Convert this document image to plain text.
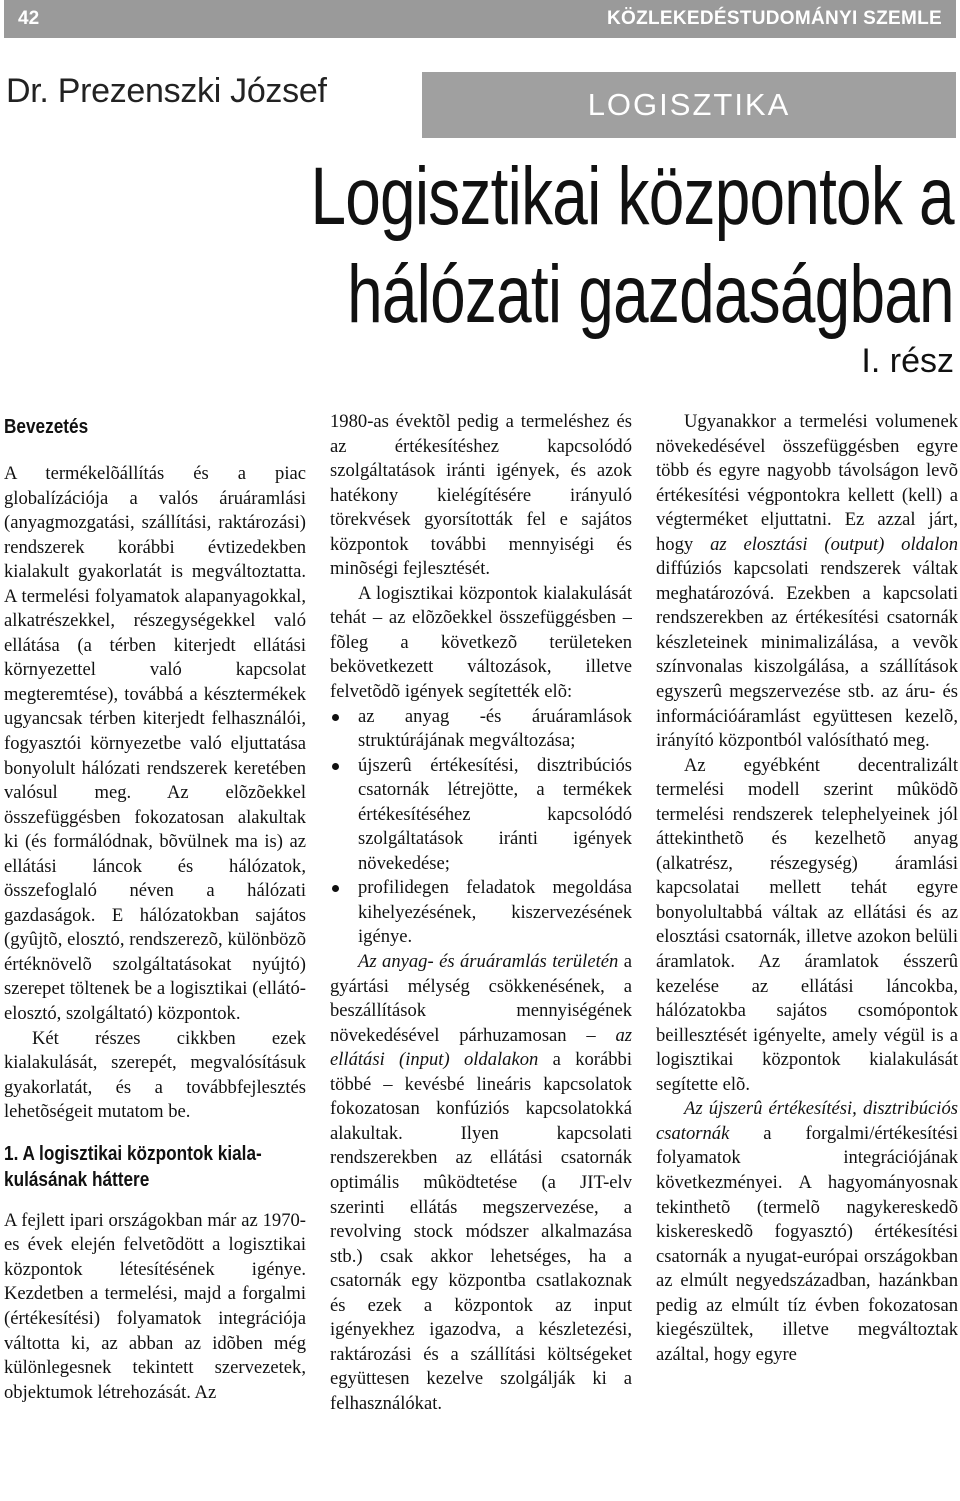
42	KÖZLEKEDÉSTUDOMÁNYI SZEMLE
Dr. Prezenszki József	LOGISZTIKA
Logisztikai központok a
hálózati gazdaságban
I. rész
Bevezetés

A termékelõállítás és a piac globalízációja a valós áruáramlási (anyagmozgatási, szállítási, raktározási) rendszerek korábbi évtizedekben kialakult gyakorlatát is megváltoztatta. A termelési folyamatok alapanyagokkal, alkatrészekkel, részegységekkel való ellátása (a térben kiterjedt ellátási környezettel való kapcsolat megteremtése), továbbá a késztermékek ugyancsak térben kiterjedt felhasználói, fogyasztói környezetbe való eljuttatása bonyolult hálózati rendszerek keretében valósul meg. Az elõzõekkel összefüggésben fokozatosan alakultak ki (és formálódnak, bõvülnek ma is) az ellátási láncok és hálózatok, összefoglaló néven a hálózati gazdaságok. E hálózatokban sajátos (gyûjtõ, elosztó, rendszerezõ, különbözõ értéknövelõ szolgáltatásokat nyújtó) szerepet töltenek be a logisztikai (ellátó-elosztó, szolgáltató) központok.

Két részes cikkben ezek kialakulását, szerepét, megvalósításuk gyakorlatát, és a továbbfejlesztés lehetõségeit mutatom be.

1. A logisztikai központok kiala-
kulásának háttere

A fejlett ipari országokban már az 1970-es évek elején felvetõdött a logisztikai központok létesítésének igénye. Kezdetben a termelési, majd a forgalmi (értékesítési) folyamatok integrációja váltotta ki, az abban az idõben még különlegesnek tekintett szervezetek, objektumok létrehozását. Az

1980-as évektõl pedig a termeléshez és az értékesítéshez kapcsolódó szolgáltatások iránti igények, és azok hatékony kielégítésére irányuló törekvések gyorsították fel e sajátos központok további mennyiségi és minõségi fejlesztését.

A logisztikai központok kialakulását tehát – az elõzõekkel összefüggésben – fõleg a következõ területeken bekövetkezett változások, illetve felvetõdõ igények segítették elõ:

az anyag -és áruáramlások struktúrájának megváltozása;
újszerû értékesítési, disztribúciós csatornák létrejötte, a termékek értékesítéséhez kapcsolódó szolgáltatások iránti igények növekedése;
profilidegen feladatok megoldása kihelyezésének, kiszervezésének igénye.

Az anyag- és áruáramlás területén a gyártási mélység csökkenésének, a beszállítások mennyiségének növekedésével párhuzamosan – az ellátási (input) oldalakon a korábbi többé – kevésbé lineáris kapcsolatok fokozatosan konfúziós kapcsolatokká alakultak. Ilyen kapcsolati rendszerekben az ellátási csatornák optimális mûködtetése (a JIT-elv szerinti ellátás megszervezése, a revolving stock módszer alkalmazása stb.) csak akkor lehetséges, ha a csatornák egy központba csatlakoznak és ezek a központok az input igényekhez igazodva, a készletezési, raktározási és a szállítási költségeket együttesen kezelve szolgálják ki a felhasználókat.

Ugyanakkor a termelési volumenek növekedésével összefüggésben egyre több és egyre nagyobb távolságon levõ értékesítési végpontokra kellett (kell) a végterméket eljuttatni. Ez azzal járt, hogy az elosztási (output) oldalon diffúziós kapcsolati rendszerek váltak meghatározóvá. Ezekben a kapcsolati rendszerekben az értékesítési csatornák készleteinek minimalizálása, a vevõk színvonalas kiszolgálása, a szállítások egyszerû megszervezése stb. az áru- és információáramlást együttesen kezelõ, irányító központból valósítható meg.

Az egyébként decentralizált termelési modell szerint mûködõ termelési rendszerek telephelyeinek jól áttekinthetõ és kezelhetõ anyag (alkatrész, részegység) áramlási kapcsolatai mellett tehát egyre bonyolultabbá váltak az ellátási és az elosztási csatornák, illetve azokon belüli áramlatok. Az áramlatok ésszerû kezelése az ellátási láncokba, hálózatokba sajátos csomópontok beillesztését igényelte, amely végül is a logisztikai központok kialakulását segítette elõ.

Az újszerû értékesítési, disztribúciós csatornák a forgalmi/értékesítési folyamatok integrációjának következményei. A hagyományosnak tekinthetõ (termelõ nagykereskedõ kiskereskedõ fogyasztó) értékesítési csatornák a nyugat-európai országokban az elmúlt negyedszázadban, hazánkban pedig az elmúlt tíz évben fokozatosan kiegészültek, illetve megváltoztak azáltal, hogy egyre
